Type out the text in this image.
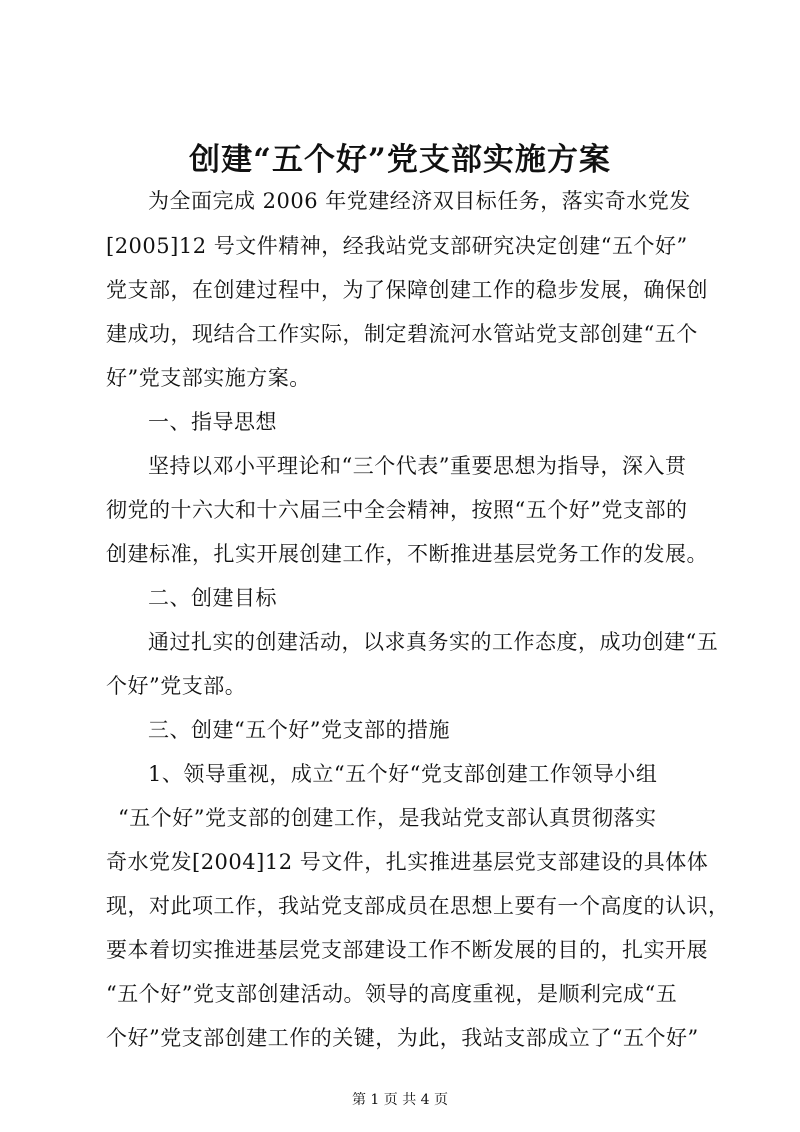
创建“五个好”党支部实施方案
为全面完成 2006 年党建经济双目标任务，落实奇水党发
[2005]12 号文件精神，经我站党支部研究决定创建“五个好”
党支部，在创建过程中，为了保障创建工作的稳步发展，确保创
建成功，现结合工作实际，制定碧流河水管站党支部创建“五个
好”党支部实施方案。
一、指导思想
坚持以邓小平理论和“三个代表”重要思想为指导，深入贯
彻党的十六大和十六届三中全会精神，按照“五个好”党支部的
创建标准，扎实开展创建工作，不断推进基层党务工作的发展。
二、创建目标
通过扎实的创建活动，以求真务实的工作态度，成功创建“五
个好”党支部。
三、创建“五个好”党支部的措施
1、领导重视，成立“五个好“党支部创建工作领导小组
“五个好”党支部的创建工作，是我站党支部认真贯彻落实
奇水党发[2004]12 号文件，扎实推进基层党支部建设的具体体
现，对此项工作，我站党支部成员在思想上要有一个高度的认识，
要本着切实推进基层党支部建设工作不断发展的目的，扎实开展
“五个好”党支部创建活动。领导的高度重视，是顺利完成“五
个好”党支部创建工作的关键，为此，我站支部成立了“五个好”
第 1 页 共 4 页
